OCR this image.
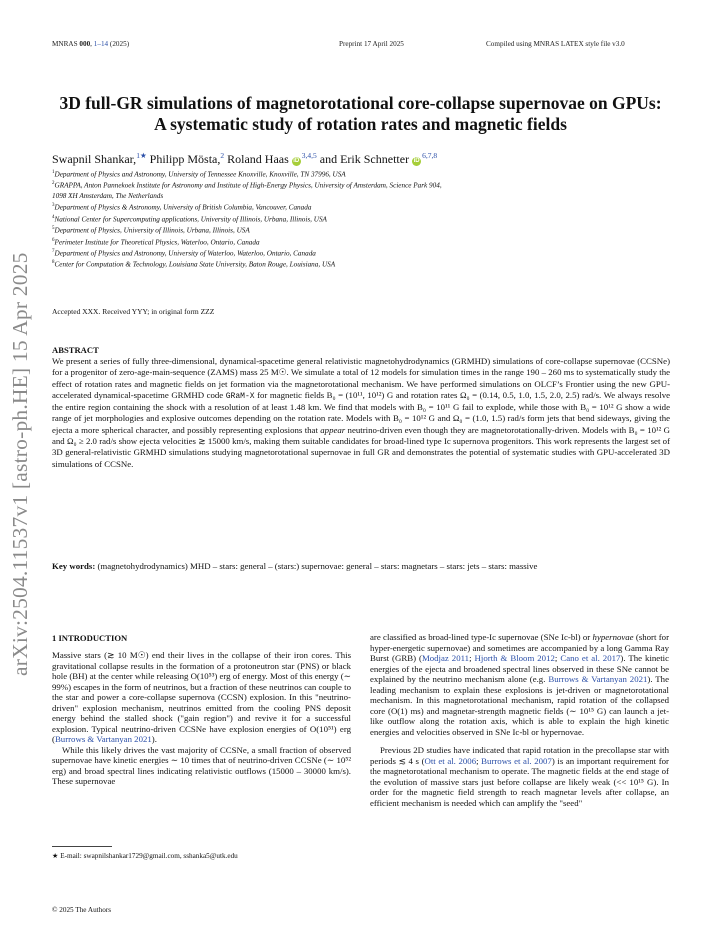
MNRAS 000, 1–14 (2025)	Preprint 17 April 2025	Compiled using MNRAS LATEX style file v3.0
arXiv:2504.11537v1 [astro-ph.HE] 15 Apr 2025
3D full-GR simulations of magnetorotational core-collapse supernovae on GPUs: A systematic study of rotation rates and magnetic fields
Swapnil Shankar,$^{1★}$ Philipp Mösta,$^2$ Roland Haas iD$^{3,4,5}$ and Erik Schnetter iD$^{6,7,8}$
$^1$Department of Physics and Astronomy, University of Tennessee Knoxville, Knoxville, TN 37996, USA
$^2$GRAPPA, Anton Pannekoek Institute for Astronomy and Institute of High-Energy Physics, University of Amsterdam, Science Park 904,
1098 XH Amsterdam, The Netherlands
$^3$Department of Physics & Astronomy, University of British Columbia, Vancouver, Canada
$^4$National Center for Supercomputing applications, University of Illinois, Urbana, Illinois, USA
$^5$Department of Physics, University of Illinois, Urbana, Illinois, USA
$^6$Perimeter Institute for Theoretical Physics, Waterloo, Ontario, Canada
$^7$Department of Physics and Astronomy, University of Waterloo, Waterloo, Ontario, Canada
$^8$Center for Computation & Technology, Louisiana State University, Baton Rouge, Louisiana, USA
Accepted XXX. Received YYY; in original form ZZZ
ABSTRACT
We present a series of fully three-dimensional, dynamical-spacetime general relativistic magnetohydrodynamics (GRMHD) simulations of core-collapse supernovae (CCSNe) for a progenitor of zero-age-main-sequence (ZAMS) mass 25 M☉. We simulate a total of 12 models for simulation times in the range 190 – 260 ms to systematically study the effect of rotation rates and magnetic fields on jet formation via the magnetorotational mechanism. We have performed simulations on OLCF’s Frontier using the new GPU-accelerated dynamical-spacetime GRMHD code GRaM-X for magnetic fields B₀ = (10¹¹, 10¹²) G and rotation rates Ω₀ = (0.14, 0.5, 1.0, 1.5, 2.0, 2.5) rad/s. We always resolve the entire region containing the shock with a resolution of at least 1.48 km. We find that models with B₀ = 10¹¹ G fail to explode, while those with B₀ = 10¹² G show a wide range of jet morphologies and explosive outcomes depending on the rotation rate. Models with B₀ = 10¹² G and Ω₀ = (1.0, 1.5) rad/s form jets that bend sideways, giving the ejecta a more spherical character, and possibly representing explosions that appear neutrino-driven even though they are magnetorotationally-driven. Models with B₀ = 10¹² G and Ω₀ ≥ 2.0 rad/s show ejecta velocities ≳ 15000 km/s, making them suitable candidates for broad-lined type Ic supernova progenitors. This work represents the largest set of 3D general-relativistic GRMHD simulations studying magnetorotational supernovae in full GR and demonstrates the potential of systematic studies with GPU-accelerated 3D simulations of CCSNe.
Key words: (magnetohydrodynamics) MHD – stars: general – (stars:) supernovae: general – stars: magnetars – stars: jets – stars: massive
1 INTRODUCTION

Massive stars (≳ 10 M☉) end their lives in the collapse of their iron cores. This gravitational collapse results in the formation of a protoneutron star (PNS) or black hole (BH) at the center while releasing O(10⁵³) erg of energy. Most of this energy (∼ 99%) escapes in the form of neutrinos, but a fraction of these neutrinos can couple to the star and power a core-collapse supernova (CCSN) explosion. In this "neutrino-driven" explosion mechanism, neutrinos emitted from the cooling PNS deposit energy behind the stalled shock ("gain region") and revive it for a successful explosion. Typical neutrino-driven CCSNe have explosion energies of O(10⁵¹) erg (Burrows & Vartanyan 2021).

While this likely drives the vast majority of CCSNe, a small fraction of observed supernovae have kinetic energies ∼ 10 times that of neutrino-driven CCSNe (∼ 10⁵² erg) and broad spectral lines indicating relativistic outflows (15000 – 30000 km/s). These supernovae

are classified as broad-lined type-Ic supernovae (SNe Ic-bl) or hypernovae (short for hyper-energetic supernovae) and sometimes are accompanied by a long Gamma Ray Burst (GRB) (Modjaz 2011; Hjorth & Bloom 2012; Cano et al. 2017). The kinetic energies of the ejecta and broadened spectral lines observed in these SNe cannot be explained by the neutrino mechanism alone (e.g. Burrows & Vartanyan 2021). The leading mechanism to explain these explosions is jet-driven or magnetorotational mechanism. In this magnetorotational mechanism, rapid rotation of the collapsed core (O(1) ms) and magnetar-strength magnetic fields (∼ 10¹⁵ G) can launch a jet-like outflow along the rotation axis, which is able to explain the high kinetic energies and velocities observed in SNe Ic-bl or hypernovae.

Previous 2D studies have indicated that rapid rotation in the precollapse star with periods ≲ 4 s (Ott et al. 2006; Burrows et al. 2007) is an important requirement for the magnetorotational mechanism to operate. The magnetic fields at the end stage of the evolution of massive stars just before collapse are likely weak (<< 10¹⁵ G). In order for the magnetic field strength to reach magnetar levels after collapse, an efficient mechanism is needed which can amplify the "seed"

★ E-mail: swapnilshankar1729@gmail.com, sshanka5@utk.edu
© 2025 The Authors
